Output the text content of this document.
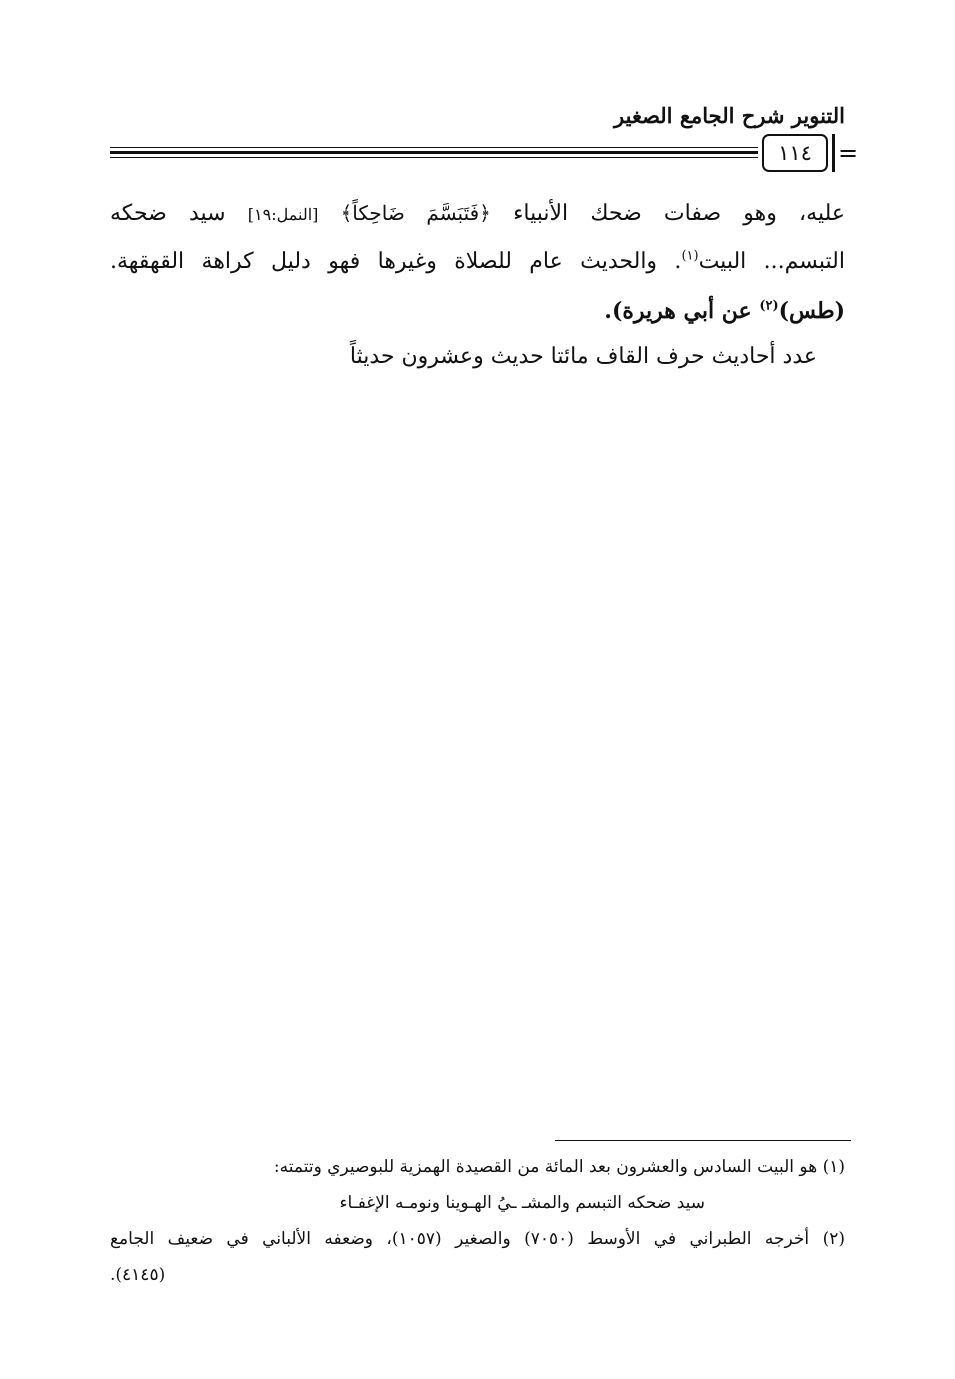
التنوير شرح الجامع الصغير
١١٤	=
عليه، وهو صفات ضحك الأنبياء ﴿فَتَبَسَّمَ ضَاحِكاً﴾ [النمل:١٩] سيد ضحكه
التبسم... البيت$^{(١)}$. والحديث عام للصلاة وغيرها فهو دليل كراهة القهقهة.
(طس)$^{(٢)}$ عن أبي هريرة).
عدد أحاديث حرف القاف مائتا حديث وعشرون حديثاً
(١) هو البيت السادس والعشرون بعد المائة من القصيدة الهمزية للبوصيري وتتمته:
سيد ضحكه التبسم والمشـ ـيُ الهـوينا ونومـه الإغفـاء
(٢) أخرجه الطبراني في الأوسط (٧٠٥٠) والصغير (١٠٥٧)، وضعفه الألباني في ضعيف الجامع
(٤١٤٥).
